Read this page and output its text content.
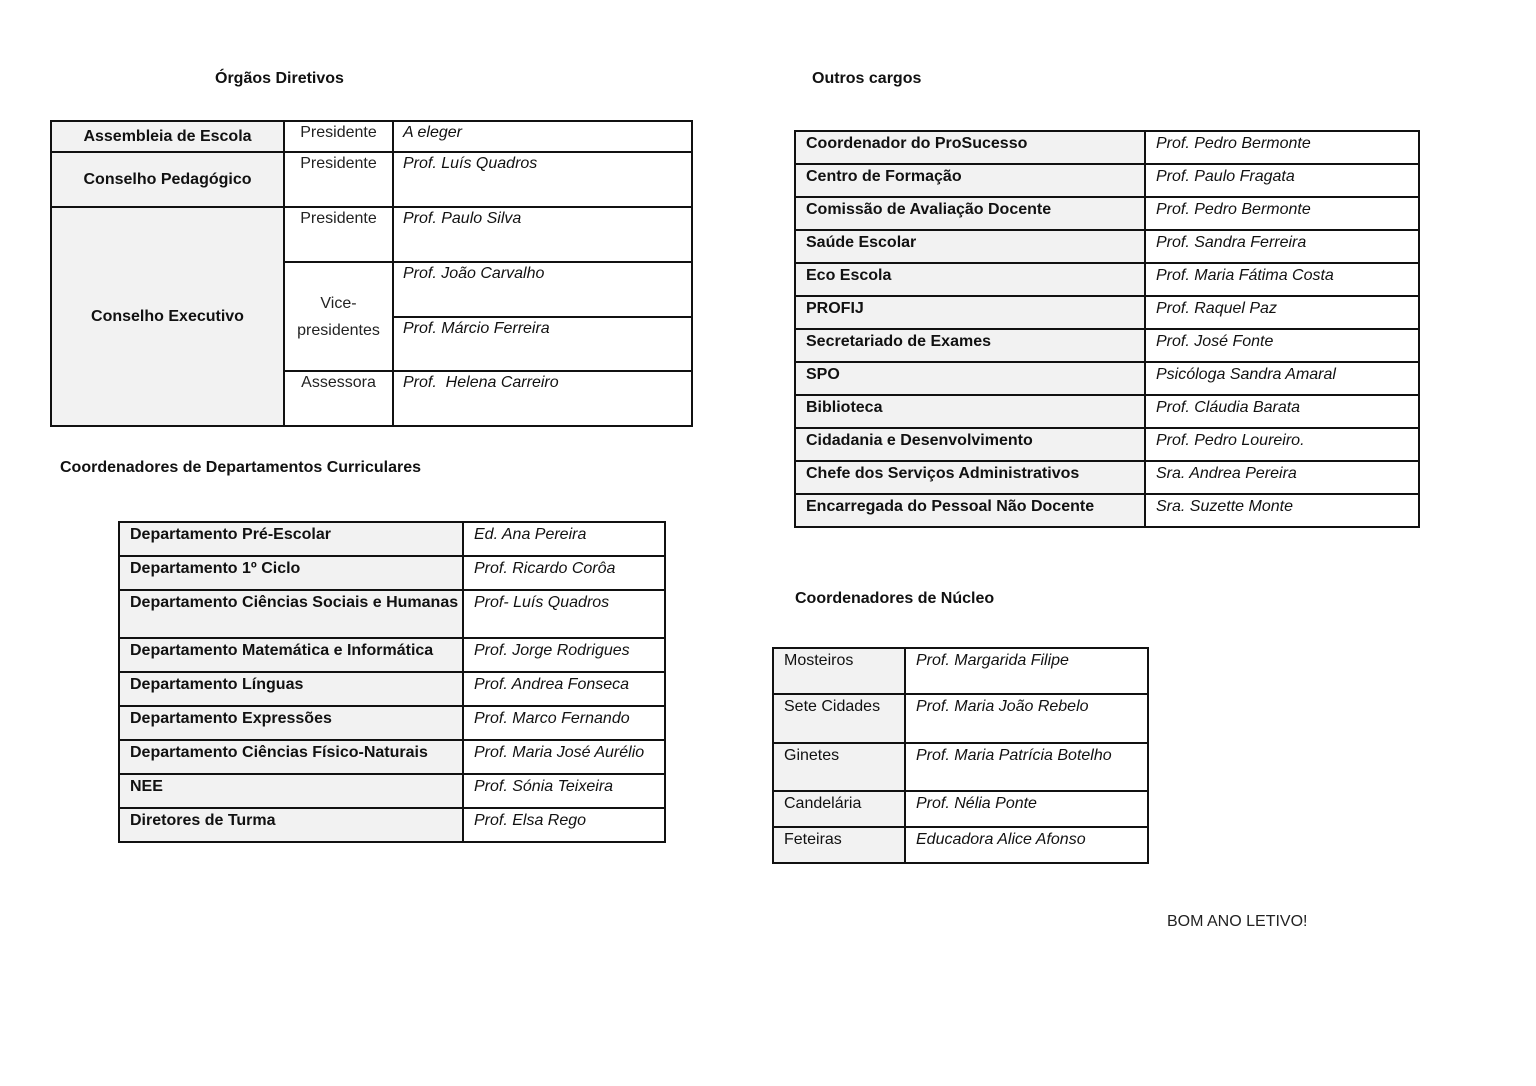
Órgãos Diretivos
Assembleia de Escola	Presidente	A eleger
Conselho Pedagógico	Presidente	Prof. Luís Quadros
Conselho Executivo	Presidente	Prof. Paulo Silva
	Vice-presidentes	Prof. João Carvalho
		Prof. Márcio Ferreira
	Assessora	Prof.  Helena Carreiro
Outros cargos
Coordenador do ProSucesso	Prof. Pedro Bermonte
Centro de Formação	Prof. Paulo Fragata
Comissão de Avaliação Docente	Prof. Pedro Bermonte
Saúde Escolar	Prof. Sandra Ferreira
Eco Escola	Prof. Maria Fátima Costa
PROFIJ	Prof. Raquel Paz
Secretariado de Exames	Prof. José Fonte
SPO	Psicóloga Sandra Amaral
Biblioteca	Prof. Cláudia Barata
Cidadania e Desenvolvimento	Prof. Pedro Loureiro.
Chefe dos Serviços Administrativos	Sra. Andrea Pereira
Encarregada do Pessoal Não Docente	Sra. Suzette Monte
Coordenadores de Departamentos Curriculares
Departamento Pré-Escolar	Ed. Ana Pereira
Departamento 1º Ciclo	Prof. Ricardo Corôa
Departamento Ciências Sociais e Humanas	Prof- Luís Quadros
Departamento Matemática e Informática	Prof. Jorge Rodrigues
Departamento Línguas	Prof. Andrea Fonseca
Departamento Expressões	Prof. Marco Fernando
Departamento Ciências Físico-Naturais	Prof. Maria José Aurélio
NEE	Prof. Sónia Teixeira
Diretores de Turma	Prof. Elsa Rego
Coordenadores de Núcleo
Mosteiros	Prof. Margarida Filipe
Sete Cidades	Prof. Maria João Rebelo
Ginetes	Prof. Maria Patrícia Botelho
Candelária	Prof. Nélia Ponte
Feteiras	Educadora Alice Afonso
BOM ANO LETIVO!
